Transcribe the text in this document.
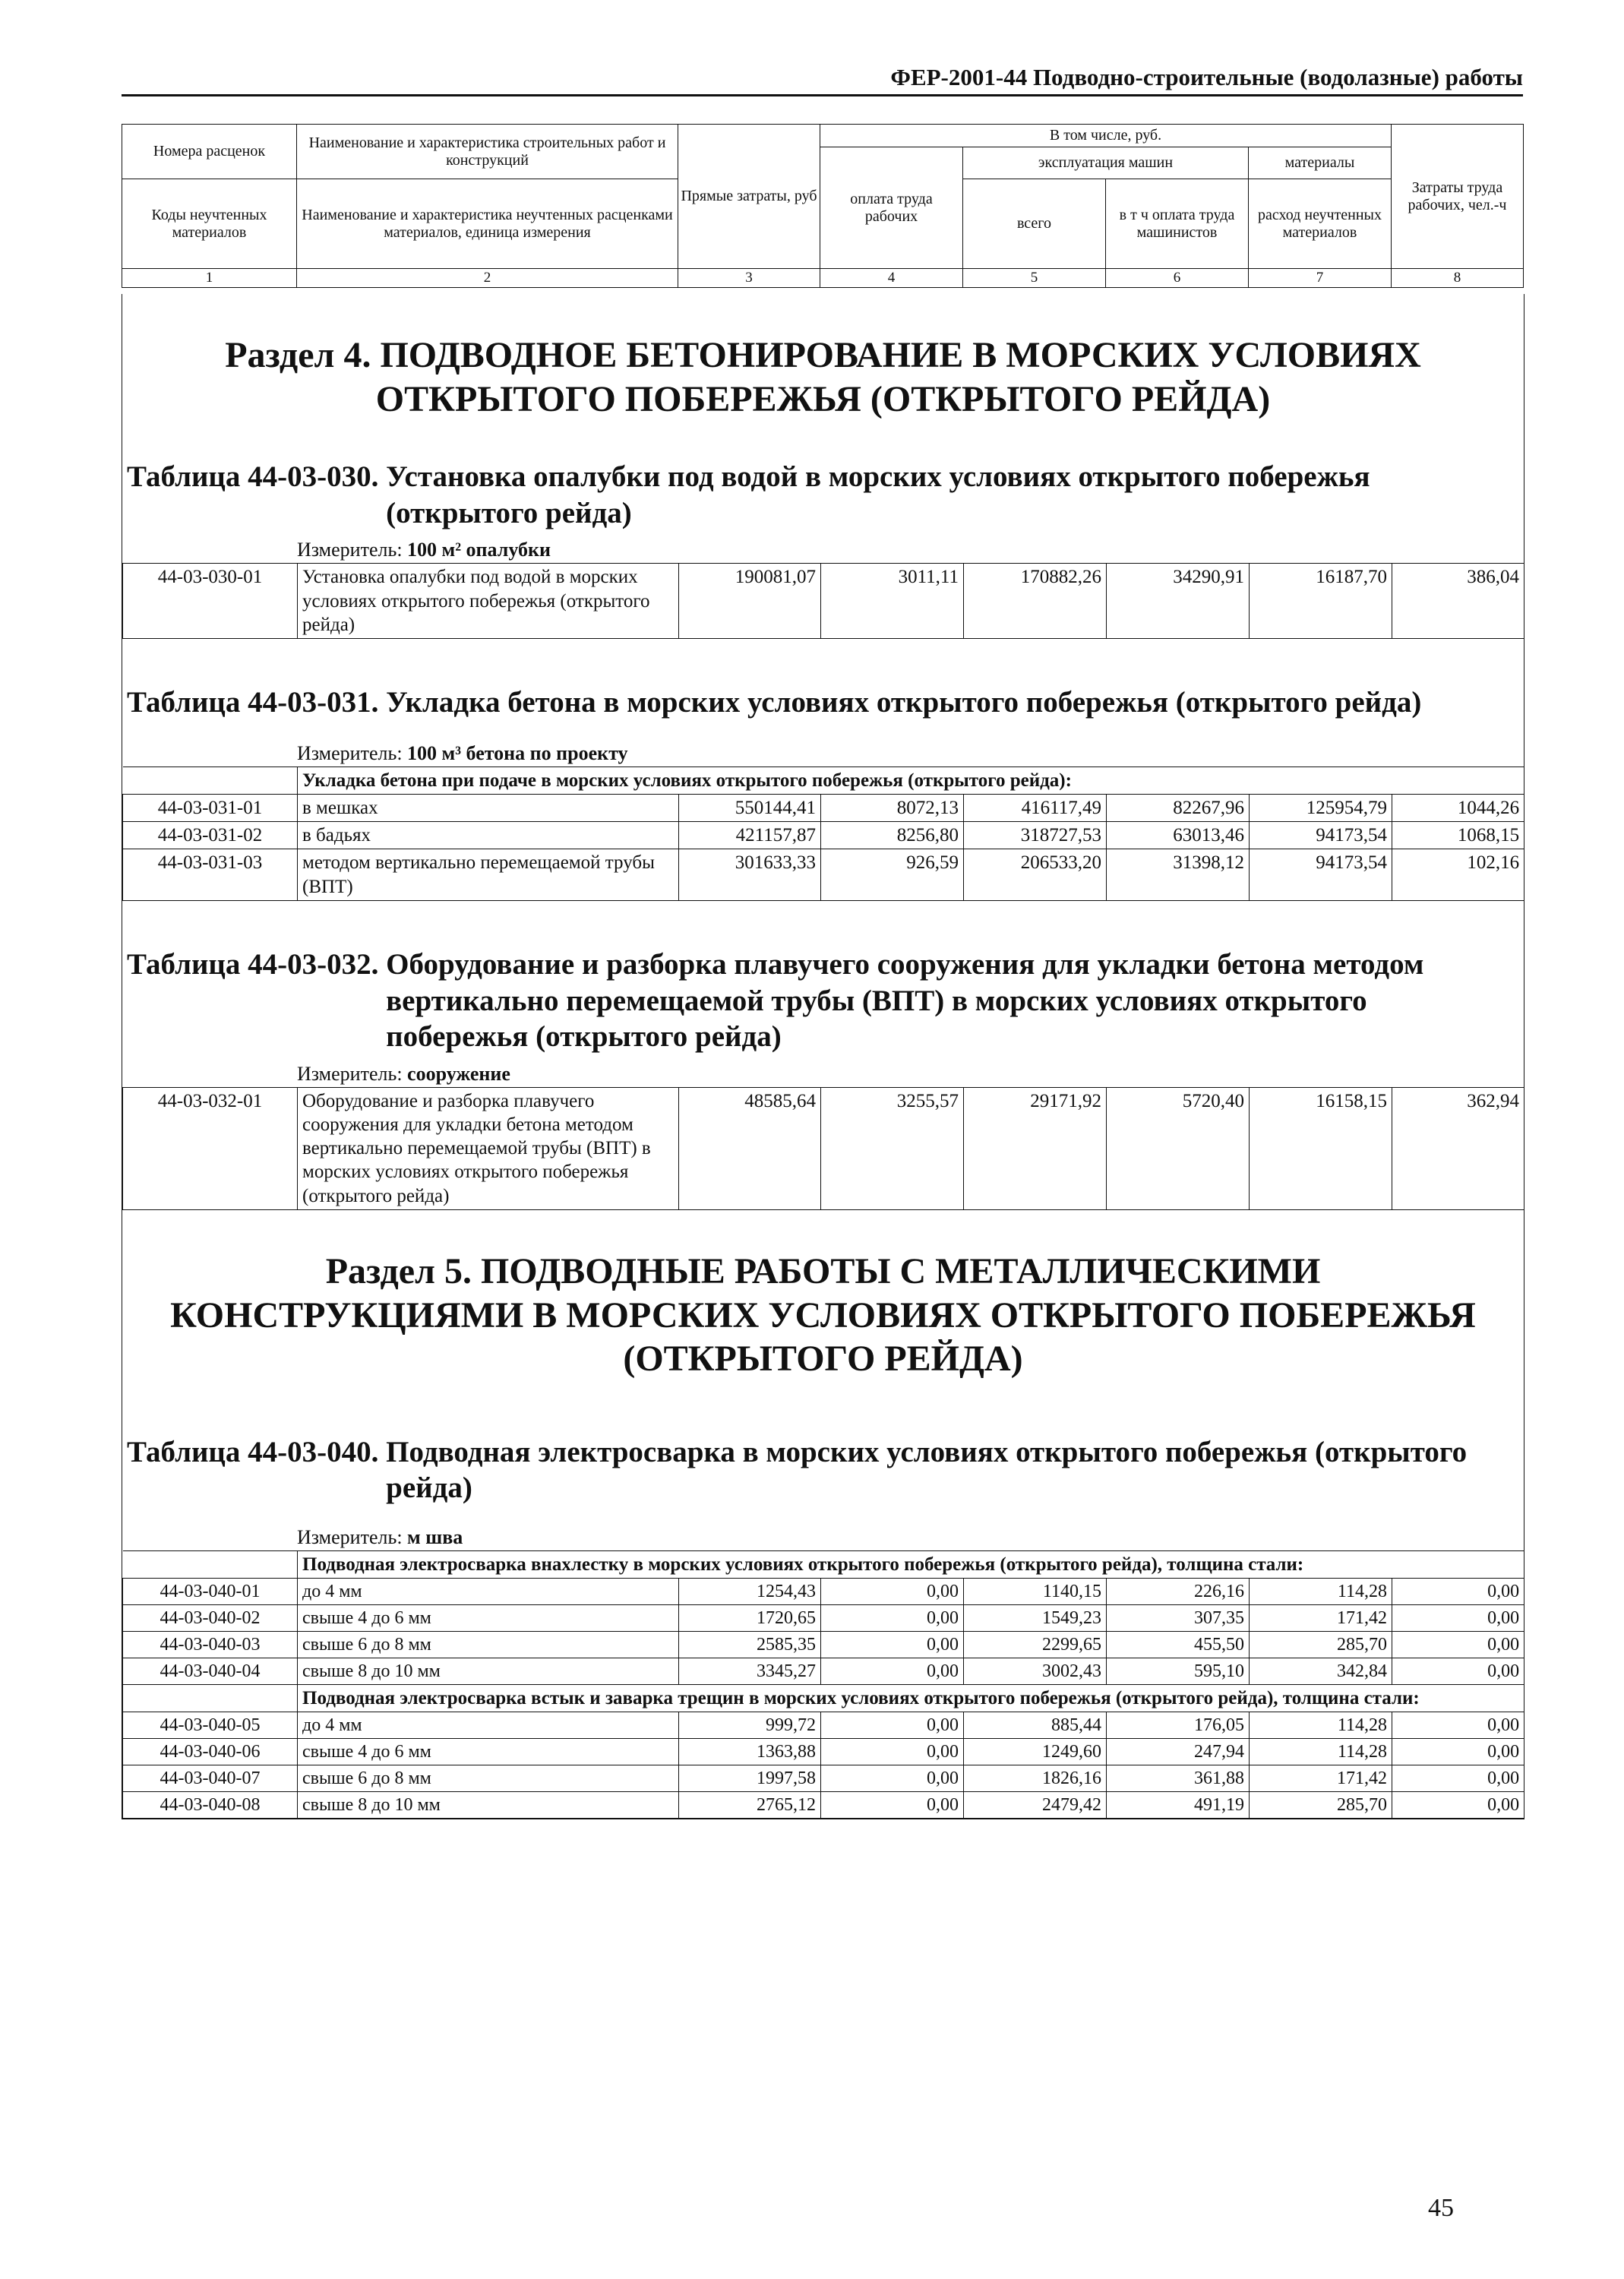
ФЕР-2001-44 Подводно-строительные (водолазные) работы
Номера расценок	Наименование и характеристика строительных работ и конструкций	Прямые затраты, руб	В том числе, руб.				Затраты труда рабочих, чел.-ч
			оплата труда рабочих	эксплуатация машин		материалы	
Коды неучтенных материалов	Наименование и характеристика неучтенных расценками материалов, единица измерения			всего	в т ч оплата труда машинистов	расход неучтенных материалов	

1	2	3	4	5	6	7	8
Раздел 4. ПОДВОДНОЕ БЕТОНИРОВАНИЕ В МОРСКИХ УСЛОВИЯХ ОТКРЫТОГО ПОБЕРЕЖЬЯ (ОТКРЫТОГО РЕЙДА)
Таблица 44-03-030. Установка опалубки под водой в морских условиях открытого побережья (открытого рейда)
Измеритель: 100 м² опалубки
44-03-030-01	Установка опалубки под водой в морских условиях открытого побережья (открытого рейда)	190081,07	3011,11	170882,26	34290,91	16187,70	386,04
Таблица 44-03-031. Укладка бетона в морских условиях открытого побережья (открытого рейда)
Измеритель: 100 м³ бетона по проекту
	Укладка бетона при подаче в морских условиях открытого побережья (открытого рейда):						
44-03-031-01	в мешках	550144,41	8072,13	416117,49	82267,96	125954,79	1044,26
44-03-031-02	в бадьях	421157,87	8256,80	318727,53	63013,46	94173,54	1068,15
44-03-031-03	методом вертикально перемещаемой трубы (ВПТ)	301633,33	926,59	206533,20	31398,12	94173,54	102,16
Таблица 44-03-032. Оборудование и разборка плавучего сооружения для укладки бетона методом вертикально перемещаемой трубы (ВПТ) в морских условиях открытого побережья (открытого рейда)
Измеритель: сооружение
44-03-032-01	Оборудование и разборка плавучего сооружения для укладки бетона методом вертикально перемещаемой трубы (ВПТ) в морских условиях открытого побережья (открытого рейда)	48585,64	3255,57	29171,92	5720,40	16158,15	362,94
Раздел 5. ПОДВОДНЫЕ РАБОТЫ С МЕТАЛЛИЧЕСКИМИ КОНСТРУКЦИЯМИ В МОРСКИХ УСЛОВИЯХ ОТКРЫТОГО ПОБЕРЕЖЬЯ (ОТКРЫТОГО РЕЙДА)
Таблица 44-03-040. Подводная электросварка в морских условиях открытого побережья (открытого рейда)
Измеритель: м шва
	Подводная электросварка внахлестку в морских условиях открытого побережья (открытого рейда), толщина стали:						
44-03-040-01	до 4 мм	1254,43	0,00	1140,15	226,16	114,28	0,00
44-03-040-02	свыше 4 до 6 мм	1720,65	0,00	1549,23	307,35	171,42	0,00
44-03-040-03	свыше 6 до 8 мм	2585,35	0,00	2299,65	455,50	285,70	0,00
44-03-040-04	свыше 8 до 10 мм	3345,27	0,00	3002,43	595,10	342,84	0,00
	Подводная электросварка встык и заварка трещин в морских условиях открытого побережья (открытого рейда), толщина стали:						
44-03-040-05	до 4 мм	999,72	0,00	885,44	176,05	114,28	0,00
44-03-040-06	свыше 4 до 6 мм	1363,88	0,00	1249,60	247,94	114,28	0,00
44-03-040-07	свыше 6 до 8 мм	1997,58	0,00	1826,16	361,88	171,42	0,00
44-03-040-08	свыше 8 до 10 мм	2765,12	0,00	2479,42	491,19	285,70	0,00
45
